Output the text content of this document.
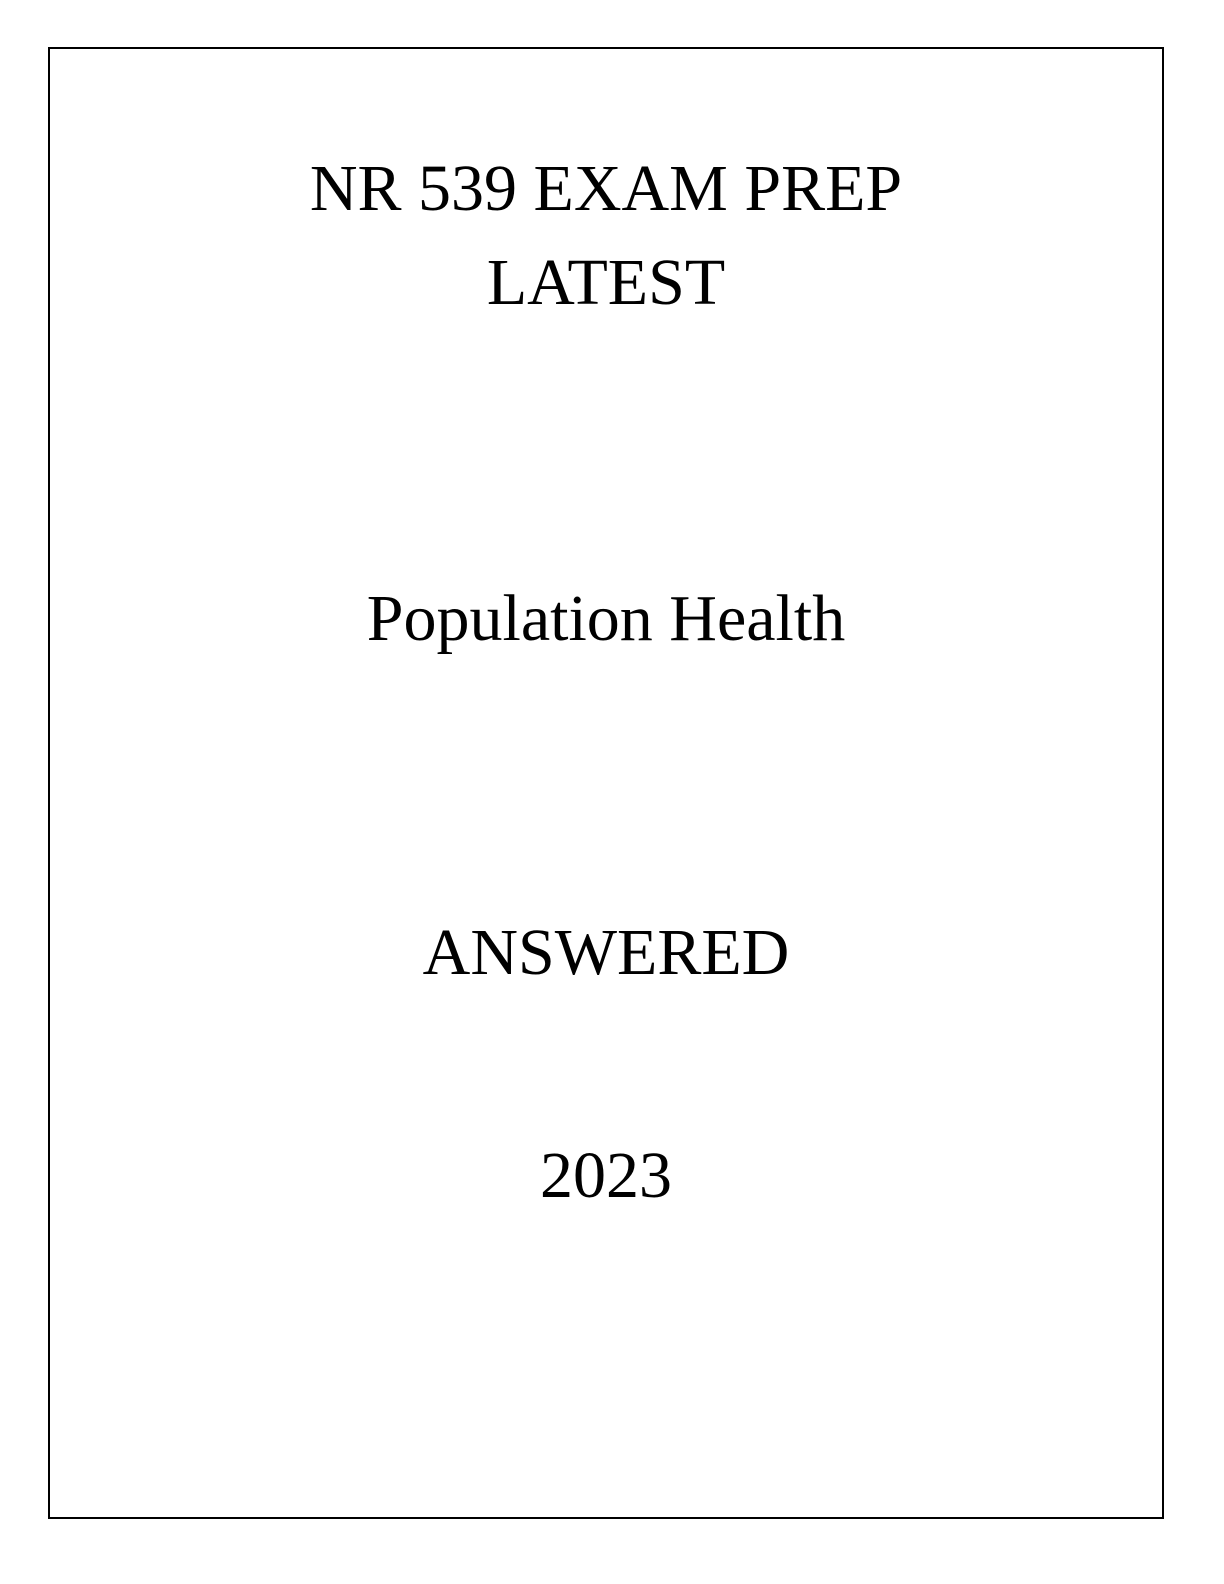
NR 539 EXAM PREP
LATEST
Population Health
ANSWERED
2023
